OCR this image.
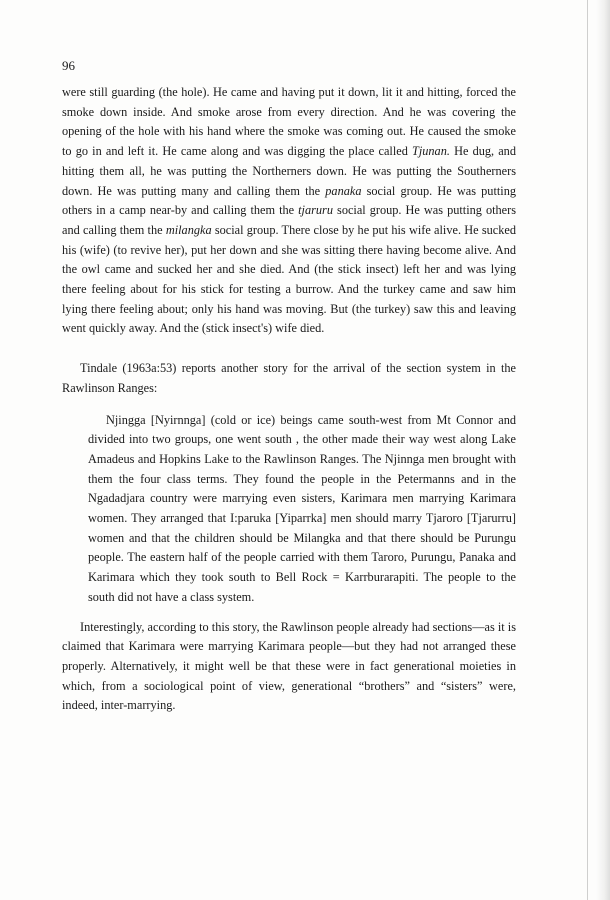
96

were still guarding (the hole). He came and having put it down, lit it and hitting, forced the smoke down inside. And smoke arose from every direction. And he was covering the opening of the hole with his hand where the smoke was coming out. He caused the smoke to go in and left it. He came along and was digging the place called Tjunan. He dug, and hitting them all, he was putting the Northerners down. He was putting the Southerners down. He was putting many and calling them the panaka social group. He was putting others in a camp near-by and calling them the tjaruru social group. He was putting others and calling them the milangka social group. There close by he put his wife alive. He sucked his (wife) (to revive her), put her down and she was sitting there having become alive. And the owl came and sucked her and she died. And (the stick insect) left her and was lying there feeling about for his stick for testing a burrow. And the turkey came and saw him lying there feeling about; only his hand was moving. But (the turkey) saw this and leaving went quickly away. And the (stick insect's) wife died.

Tindale (1963a:53) reports another story for the arrival of the section system in the Rawlinson Ranges:

Njingga [Nyirnnga] (cold or ice) beings came south-west from Mt Connor and divided into two groups, one went south , the other made their way west along Lake Amadeus and Hopkins Lake to the Rawlinson Ranges. The Njinnga men brought with them the four class terms. They found the people in the Petermanns and in the Ngadadjara country were marrying even sisters, Karimara men marrying Karimara women. They arranged that I:paruka [Yiparrka] men should marry Tjaroro [Tjarurru] women and that the children should be Milangka and that there should be Purungu people. The eastern half of the people carried with them Taroro, Purungu, Panaka and Karimara which they took south to Bell Rock = Karrburarapiti. The people to the south did not have a class system.

Interestingly, according to this story, the Rawlinson people already had sections—as it is claimed that Karimara were marrying Karimara people—but they had not arranged these properly. Alternatively, it might well be that these were in fact generational moieties in which, from a sociological point of view, generational “brothers” and “sisters” were, indeed, inter-marrying.
